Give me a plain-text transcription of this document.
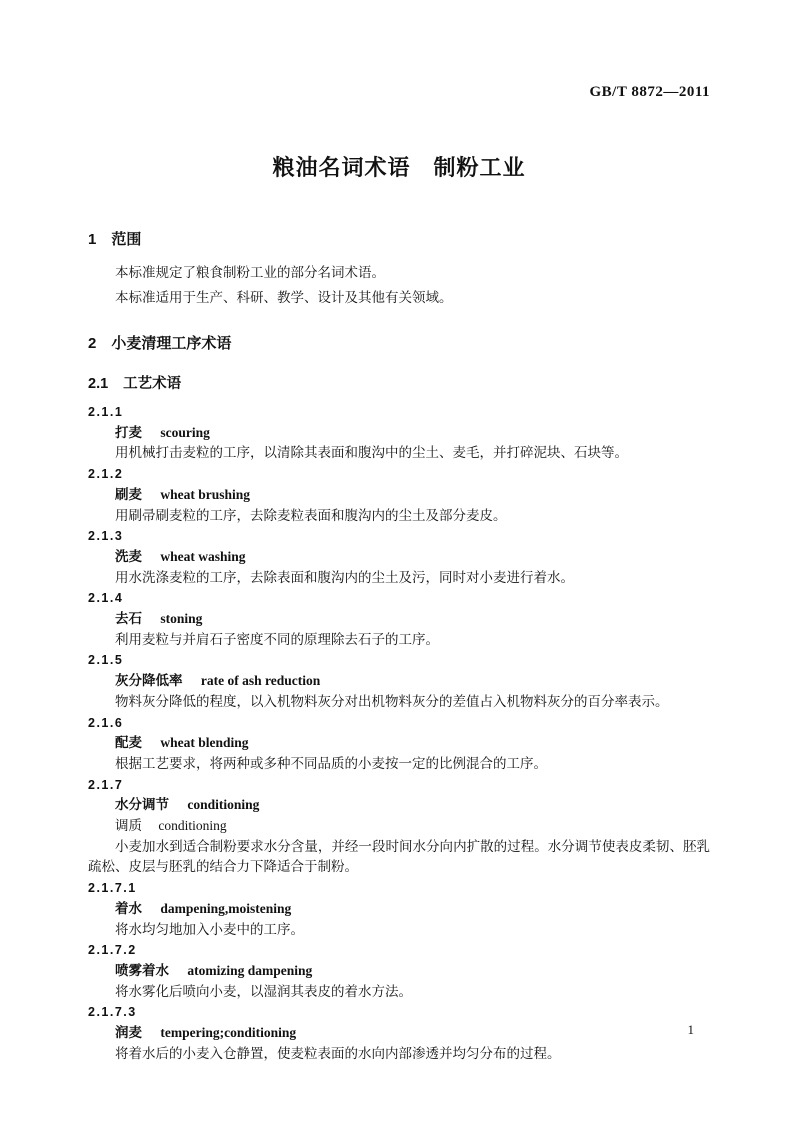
GB/T 8872—2011
粮油名词术语　制粉工业
1 范围

本标准规定了粮食制粉工业的部分名词术语。

本标准适用于生产、科研、教学、设计及其他有关领域。

2 小麦清理工序术语
2.1 工艺术语
2.1.1
打麦 scouring
用机械打击麦粒的工序，以清除其表面和腹沟中的尘土、麦毛，并打碎泥块、石块等。
2.1.2
刷麦 wheat brushing
用刷帚刷麦粒的工序，去除麦粒表面和腹沟内的尘土及部分麦皮。
2.1.3
洗麦 wheat washing
用水洗涤麦粒的工序，去除表面和腹沟内的尘土及污，同时对小麦进行着水。
2.1.4
去石 stoning
利用麦粒与并肩石子密度不同的原理除去石子的工序。
2.1.5
灰分降低率 rate of ash reduction
物料灰分降低的程度，以入机物料灰分对出机物料灰分的差值占入机物料灰分的百分率表示。
2.1.6
配麦 wheat blending
根据工艺要求，将两种或多种不同品质的小麦按一定的比例混合的工序。
2.1.7
水分调节 conditioning
调质 conditioning
小麦加水到适合制粉要求水分含量，并经一段时间水分向内扩散的过程。水分调节使表皮柔韧、胚乳疏松、皮层与胚乳的结合力下降适合于制粉。
2.1.7.1
着水 dampening,moistening
将水均匀地加入小麦中的工序。
2.1.7.2
喷雾着水 atomizing dampening
将水雾化后喷向小麦，以湿润其表皮的着水方法。
2.1.7.3
润麦 tempering;conditioning
将着水后的小麦入仓静置，使麦粒表面的水向内部渗透并均匀分布的过程。
1
